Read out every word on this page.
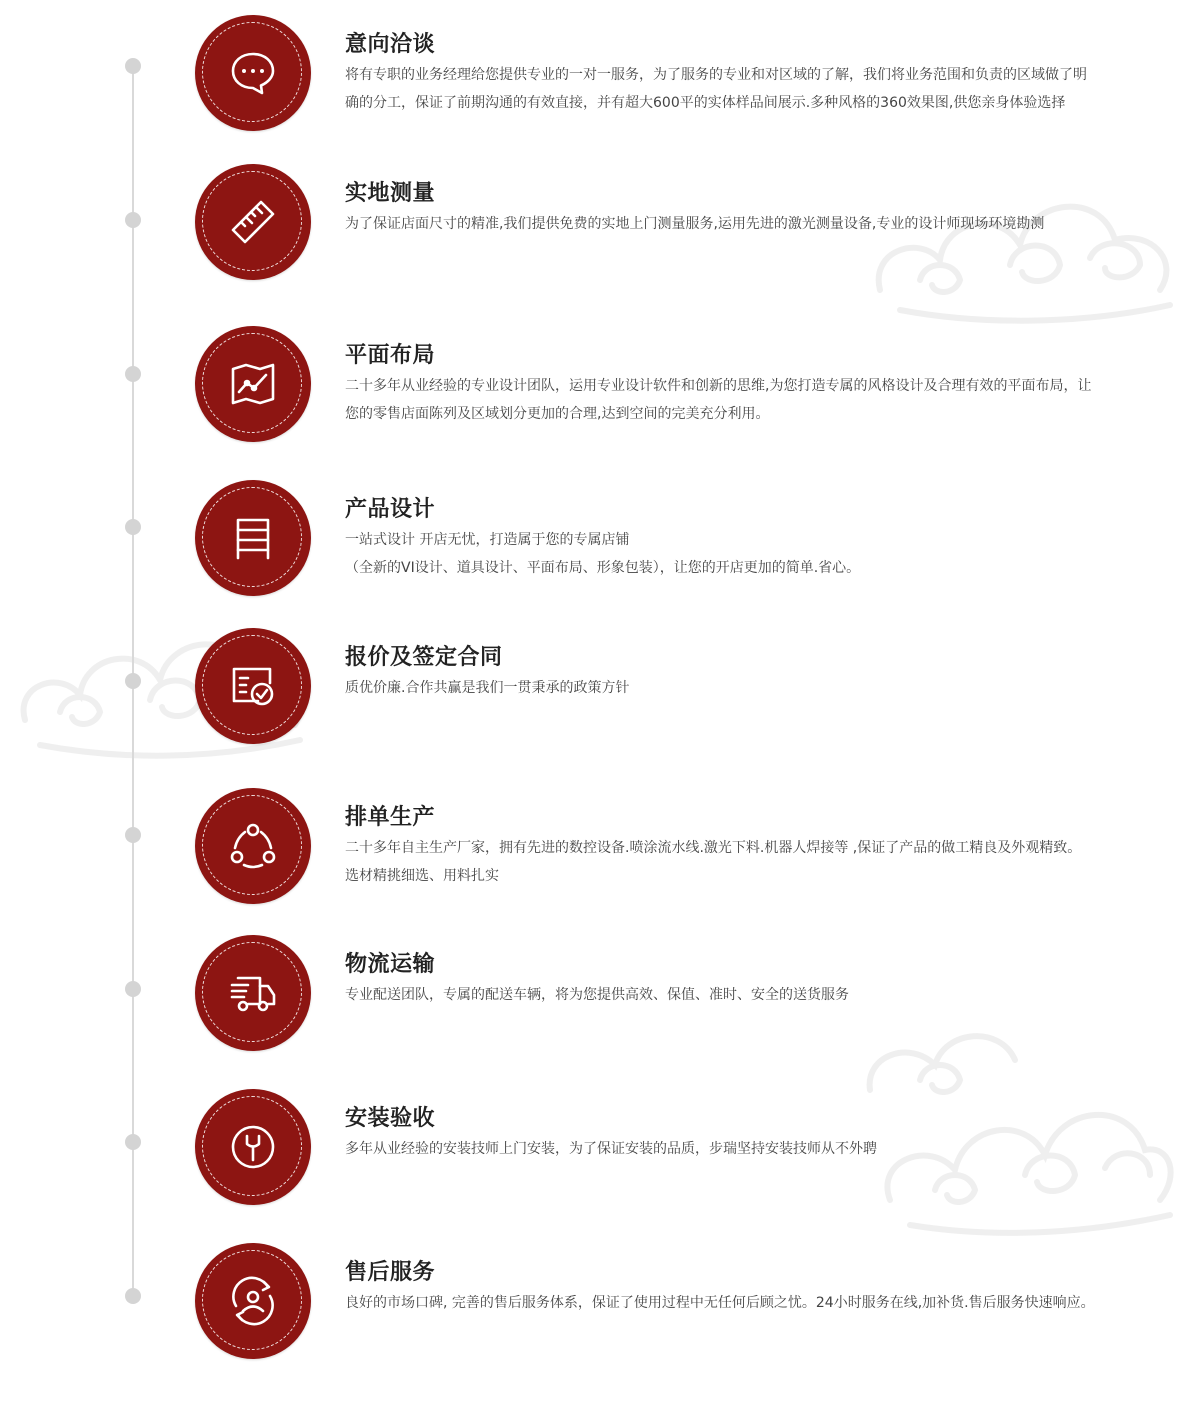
意向洽谈

将有专职的业务经理给您提供专业的一对一服务，为了服务的专业和对区域的了解，我们将业务范围和负责的区域做了明确的分工，保证了前期沟通的有效直接，并有超大600平的实体样品间展示.多种风格的360效果图,供您亲身体验选择

实地测量

为了保证店面尺寸的精准,我们提供免费的实地上门测量服务,运用先进的激光测量设备,专业的设计师现场环境勘测

平面布局

二十多年从业经验的专业设计团队，运用专业设计软件和创新的思维,为您打造专属的风格设计及合理有效的平面布局，让您的零售店面陈列及区域划分更加的合理,达到空间的完美充分利用。

产品设计

一站式设计 开店无忧，打造属于您的专属店铺
（全新的VI设计、道具设计、平面布局、形象包装），让您的开店更加的简单.省心。

报价及签定合同

质优价廉.合作共赢是我们一贯秉承的政策方针

排单生产

二十多年自主生产厂家，拥有先进的数控设备.喷涂流水线.激光下料.机器人焊接等 ,保证了产品的做工精良及外观精致。选材精挑细选、用料扎实

物流运输

专业配送团队，专属的配送车辆，将为您提供高效、保值、准时、安全的送货服务

安装验收

多年从业经验的安装技师上门安装，为了保证安装的品质，步瑞坚持安装技师从不外聘

售后服务

良好的市场口碑, 完善的售后服务体系，保证了使用过程中无任何后顾之忧。24小时服务在线,加补货.售后服务快速响应。
